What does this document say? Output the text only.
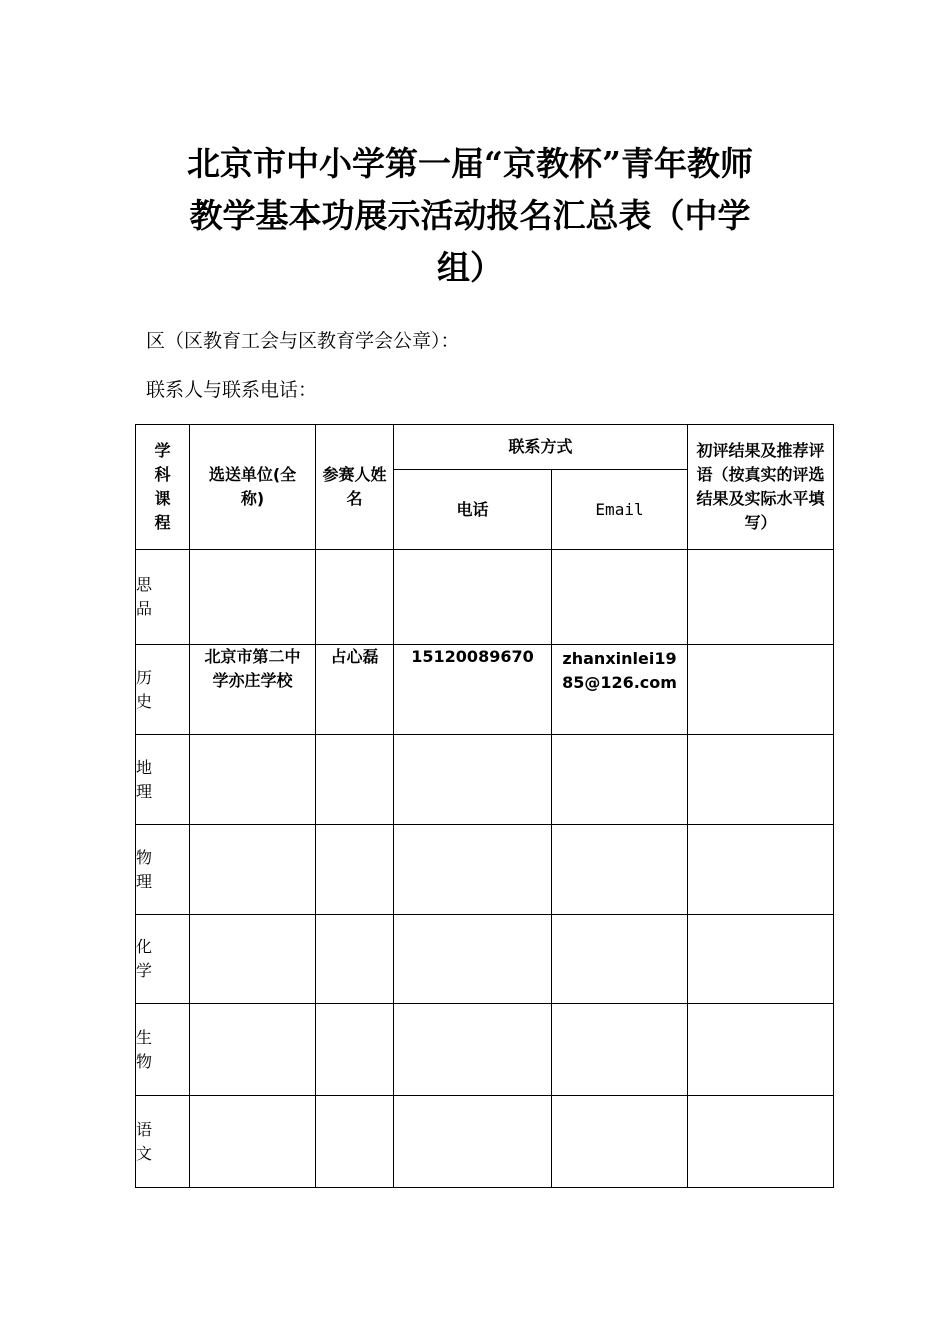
北京市中小学第一届“京教杯”青年教师
教学基本功展示活动报名汇总表（中学
组）
区（区教育工会与区教育学会公章）：
联系人与联系电话：
学科课程	选送单位(全称)	参赛人姓名	联系方式		初评结果及推荐评语（按真实的评选结果及实际水平填写）
			电话	Email	

思品					

历史	北京市第二中学亦庄学校	占心磊	15120089670	zhanxinlei1985@126.com	

地理					

物理					

化学					

生物					

语文					
